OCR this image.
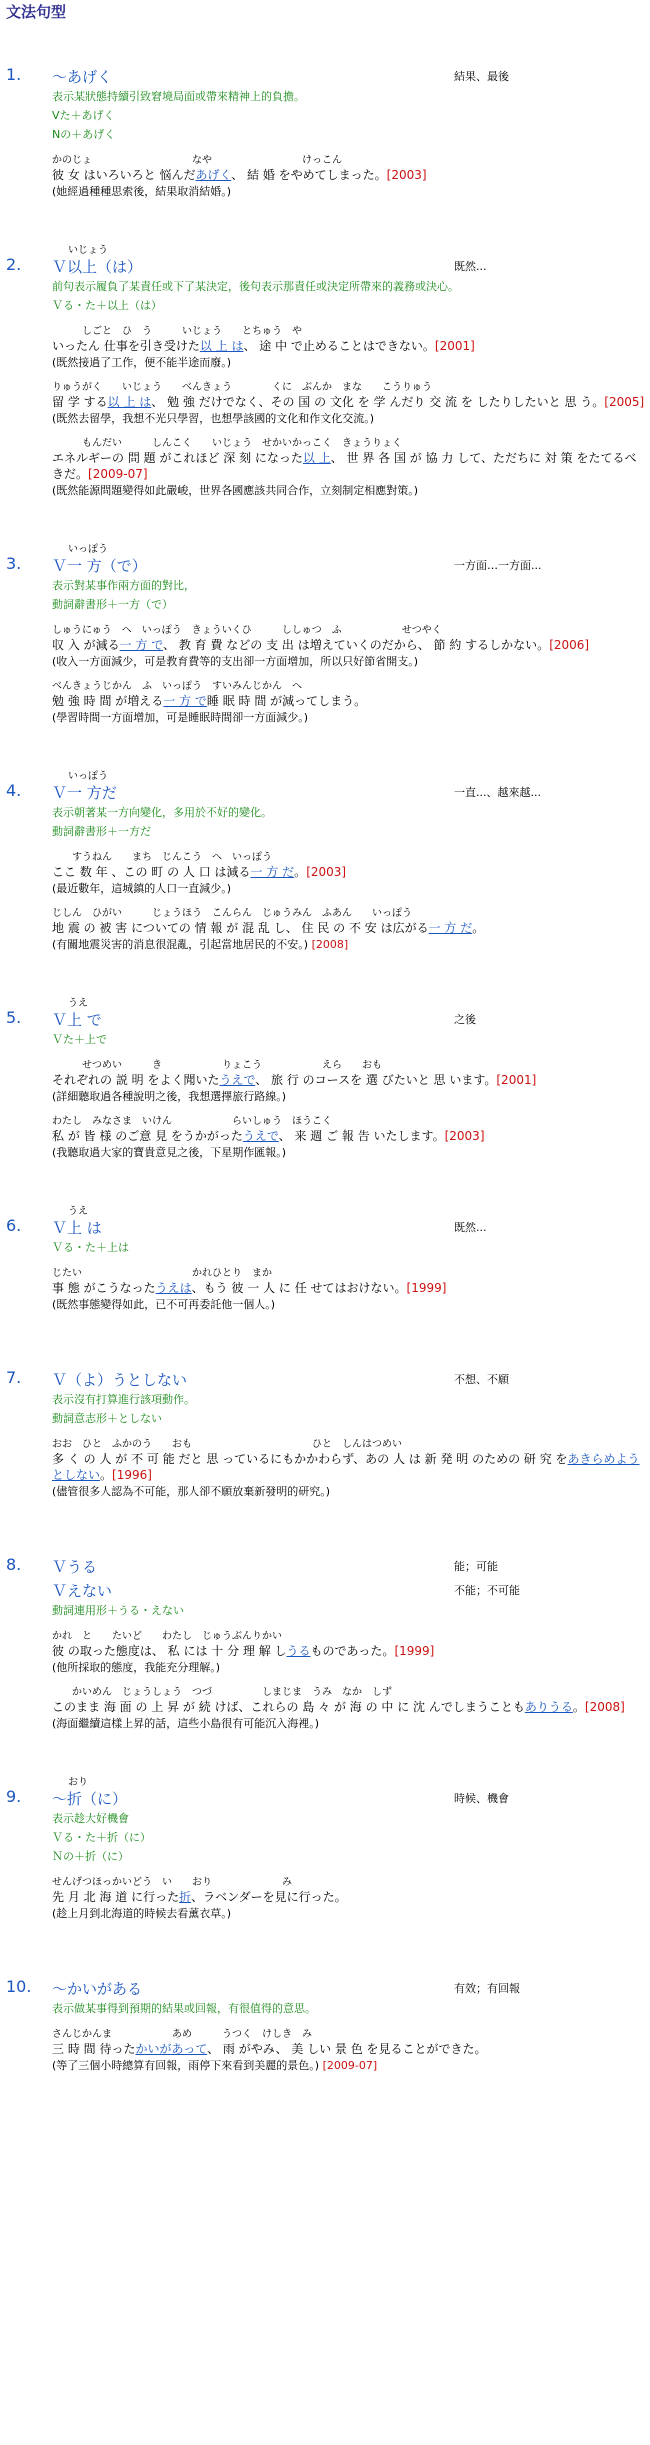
文法句型
1. ～あげく	結果、最後
表示某狀態持續引致窘境局面或帶來精神上的負擔。
Vた＋あげく
Nの＋あげく
かのじょ　　　　　　　　　　なや　　　　　　　　　けっこん
彼 女 はいろいろと 悩んだあげく、 結 婚 をやめてしまった。[2003]
(她經過種種思索後，結果取消結婚。)
いじょう
2. Ｖ以上（は）	既然...
前句表示履負了某責任或下了某決定，後句表示那責任或決定所帶來的義務或決心。
Ｖる・た＋以上（は）
　　　しごと　ひ　う　　　いじょう　　とちゅう　や
いったん 仕事を引き受けた以 上 は、 途 中 で止めることはできない。[2001]
(既然接過了工作，便不能半途而廢。)
りゅうがく　　いじょう　　べんきょう　　　　くに　ぶんか　まな　　こうりゅう
留 学 する以 上 は、 勉 強 だけでなく、その 国 の 文化 を 学 んだり 交 流 を したりしたいと 思 う。[2005]
(既然去留學，我想不光只學習，也想學該國的文化和作文化交流。)
　　　もんだい　　　しんこく　　いじょう　せかいかっこく　きょうりょく
エネルギーの 問 題 がこれほど 深 刻 になった以 上、 世 界 各 国 が 協 力 して、ただちに 対 策 をたてるべきだ。[2009-07]
(既然能源問題變得如此嚴峻，世界各國應該共同合作，立刻制定相應對策。)
いっぽう
3. Ｖ一 方（で）	一方面…一方面...
表示對某事作兩方面的對比，
動詞辭書形＋一方（で）
しゅうにゅう　へ　いっぽう　きょういくひ　　　ししゅつ　ふ　　　　　　せつやく
収 入 が減る一 方 で、 教 育 費 などの 支 出 は増えていくのだから、 節 約 するしかない。[2006]
(收入一方面減少，可是教育費等的支出卻一方面增加，所以只好節省開支。)
べんきょうじかん　ふ　いっぽう　すいみんじかん　へ
勉 強 時 間 が増える一 方 で睡 眠 時 間 が減ってしまう。
(學習時間一方面增加，可是睡眠時間卻一方面減少。)
いっぽう
4. Ｖ一 方だ	一直...、越來越...
表示朝著某一方向變化，多用於不好的變化。
動詞辭書形＋一方だ
　　すうねん　　まち　じんこう　へ　いっぽう
ここ 数 年 、この 町 の 人 口 は減る一 方 だ。[2003]
(最近數年，這城鎮的人口一直減少。)
じしん　ひがい　　　じょうほう　こんらん　じゅうみん　ふあん　　いっぽう
地 震 の 被 害 についての 情 報 が 混 乱 し、 住 民 の 不 安 は広がる一 方 だ。
(有關地震災害的消息很混亂，引起當地居民的不安。) [2008]
うえ
5. Ｖ上 で	之後
Ｖた＋上で
　　　せつめい　　　き　　　　　　りょこう　　　　　　えら　　おも
それぞれの 説 明 をよく聞いたうえで、 旅 行 のコースを 選 びたいと 思 います。[2001]
(詳細聽取過各種說明之後，我想選擇旅行路線。)
わたし　みなさま　いけん　　　　　　らいしゅう　ほうこく
私 が 皆 様 のご意 見 をうかがったうえで、 来 週 ご 報 告 いたします。[2003]
(我聽取過大家的寶貴意見之後，下星期作匯報。)
うえ
6. Ｖ上 は	既然...
Ｖる・た＋上は
じたい　　　　　　　　　　　かれひとり　まか
事 態 がこうなったうえは、もう 彼 一 人 に 任 せてはおけない。[1999]
(既然事態變得如此，已不可再委託他一個人。)
7. Ｖ（よ）うとしない	不想、不願
表示沒有打算進行該項動作。
動詞意志形＋としない
おお　ひと　ふかのう　　おも　　　　　　　　　　　　ひと　しんはつめい
多 く の 人 が 不 可 能 だと 思 っているにもかかわらず、あの 人 は 新 発 明 のための 研 究 をあきらめようとしない。[1996]
(儘管很多人認為不可能，那人卻不願放棄新發明的研究。)
8. Ｖうる	能；可能
Ｖえない	不能；不可能
動詞連用形＋うる・えない
かれ　と　　たいど　　わたし　じゅうぶんりかい
彼 の取った態度は、 私 には 十 分 理 解 しうるものであった。[1999]
(他所採取的態度，我能充分理解。)
　　かいめん　じょうしょう　つづ　　　　　しまじま　うみ　なか　しず
このまま 海 面 の 上 昇 が 続 けば、これらの 島 々 が 海 の 中 に 沈 んでしまうこともありうる。[2008]
(海面繼續這樣上昇的話，這些小島很有可能沉入海裡。)
おり
9. ～折（に）	時候、機會
表示趁大好機會
Ｖる・た＋折（に）
Ｎの＋折（に）
せんげつほっかいどう　い　　おり　　　　　　　み
先 月 北 海 道 に行った折、ラベンダーを見に行った。
(趁上月到北海道的時候去看薰衣草。)
10. ～かいがある	有效；有回報
表示做某事得到預期的結果或回報，有很值得的意思。
さんじかんま　　　　　　あめ　　　うつく　けしき　み
三 時 間 待ったかいがあって、 雨 がやみ、 美 しい 景 色 を見ることができた。
(等了三個小時總算有回報，雨停下來看到美麗的景色。) [2009-07]
